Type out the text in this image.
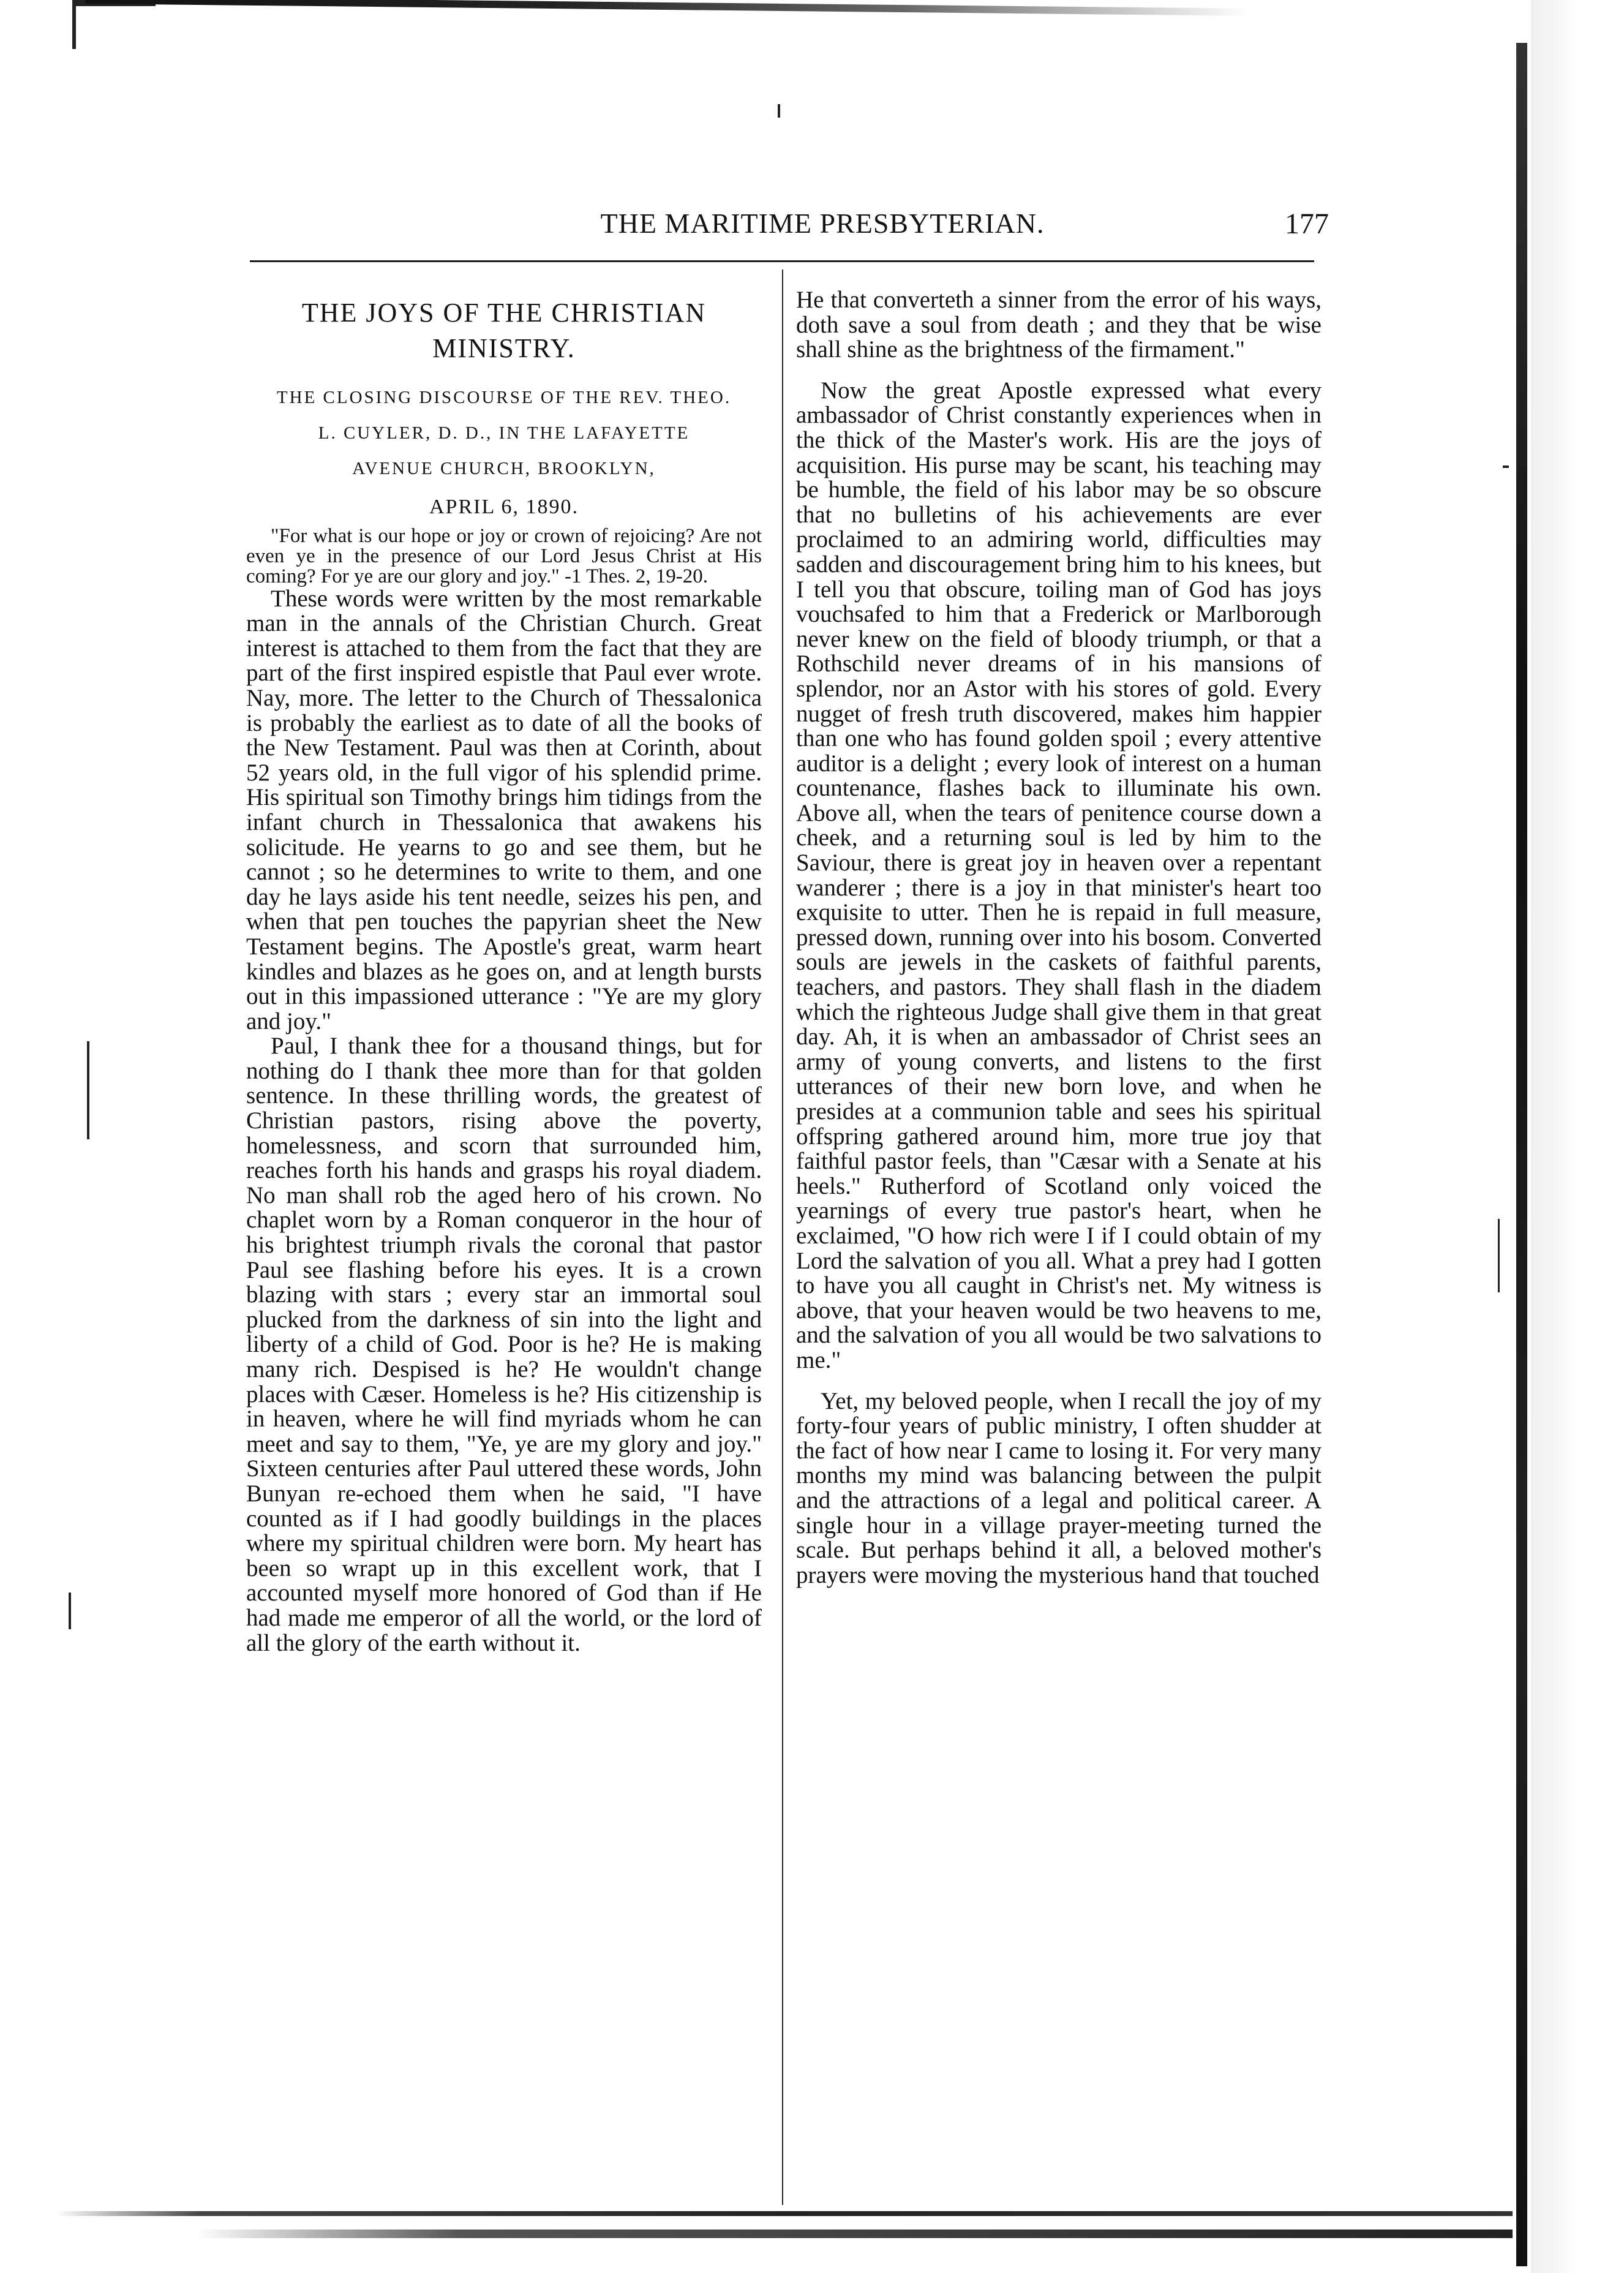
THE MARITIME PRESBYTERIAN.	177
THE JOYS OF THE CHRISTIAN
MINISTRY.
THE CLOSING DISCOURSE OF THE REV. THEO.
L. CUYLER, D. D., IN THE LAFAYETTE
AVENUE CHURCH, BROOKLYN,
APRIL 6, 1890.

"For what is our hope or joy or crown of rejoicing? Are not even ye in the presence of our Lord Jesus Christ at His coming? For ye are our glory and joy." -1 Thes. 2, 19-20.

These words were written by the most remarkable man in the annals of the Christian Church. Great interest is attached to them from the fact that they are part of the first inspired espistle that Paul ever wrote. Nay, more. The letter to the Church of Thessalonica is probably the earliest as to date of all the books of the New Testament. Paul was then at Corinth, about 52 years old, in the full vigor of his splendid prime. His spiritual son Timothy brings him tidings from the infant church in Thessalonica that awakens his solicitude. He yearns to go and see them, but he cannot ; so he determines to write to them, and one day he lays aside his tent needle, seizes his pen, and when that pen touches the papyrian sheet the New Testament begins. The Apostle's great, warm heart kindles and blazes as he goes on, and at length bursts out in this impassioned utterance : "Ye are my glory and joy."

Paul, I thank thee for a thousand things, but for nothing do I thank thee more than for that golden sentence. In these thrilling words, the greatest of Christian pastors, rising above the poverty, homelessness, and scorn that surrounded him, reaches forth his hands and grasps his royal diadem. No man shall rob the aged hero of his crown. No chaplet worn by a Roman conqueror in the hour of his brightest triumph rivals the coronal that pastor Paul see flashing before his eyes. It is a crown blazing with stars ; every star an immortal soul plucked from the darkness of sin into the light and liberty of a child of God. Poor is he? He is making many rich. Despised is he? He wouldn't change places with Cæser. Homeless is he? His citizenship is in heaven, where he will find myriads whom he can meet and say to them, "Ye, ye are my glory and joy." Sixteen centuries after Paul uttered these words, John Bunyan re-echoed them when he said, "I have counted as if I had goodly buildings in the places where my spiritual children were born. My heart has been so wrapt up in this excellent work, that I accounted myself more honored of God than if He had made me emperor of all the world, or the lord of all the glory of the earth without it.

He that converteth a sinner from the error of his ways, doth save a soul from death ; and they that be wise shall shine as the brightness of the firmament."

Now the great Apostle expressed what every ambassador of Christ constantly experiences when in the thick of the Master's work. His are the joys of acquisition. His purse may be scant, his teaching may be humble, the field of his labor may be so obscure that no bulletins of his achievements are ever proclaimed to an admiring world, difficulties may sadden and discouragement bring him to his knees, but I tell you that obscure, toiling man of God has joys vouchsafed to him that a Frederick or Marlborough never knew on the field of bloody triumph, or that a Rothschild never dreams of in his mansions of splendor, nor an Astor with his stores of gold. Every nugget of fresh truth discovered, makes him happier than one who has found golden spoil ; every attentive auditor is a delight ; every look of interest on a human countenance, flashes back to illuminate his own. Above all, when the tears of penitence course down a cheek, and a returning soul is led by him to the Saviour, there is great joy in heaven over a repentant wanderer ; there is a joy in that minister's heart too exquisite to utter. Then he is repaid in full measure, pressed down, running over into his bosom. Converted souls are jewels in the caskets of faithful parents, teachers, and pastors. They shall flash in the diadem which the righteous Judge shall give them in that great day. Ah, it is when an ambassador of Christ sees an army of young converts, and listens to the first utterances of their new born love, and when he presides at a communion table and sees his spiritual offspring gathered around him, more true joy that faithful pastor feels, than "Cæsar with a Senate at his heels." Rutherford of Scotland only voiced the yearnings of every true pastor's heart, when he exclaimed, "O how rich were I if I could obtain of my Lord the salvation of you all. What a prey had I gotten to have you all caught in Christ's net. My witness is above, that your heaven would be two heavens to me, and the salvation of you all would be two salvations to me."

Yet, my beloved people, when I recall the joy of my forty-four years of public ministry, I often shudder at the fact of how near I came to losing it. For very many months my mind was balancing between the pulpit and the attractions of a legal and political career. A single hour in a village prayer-meeting turned the scale. But perhaps behind it all, a beloved mother's prayers were moving the mysterious hand that touched
